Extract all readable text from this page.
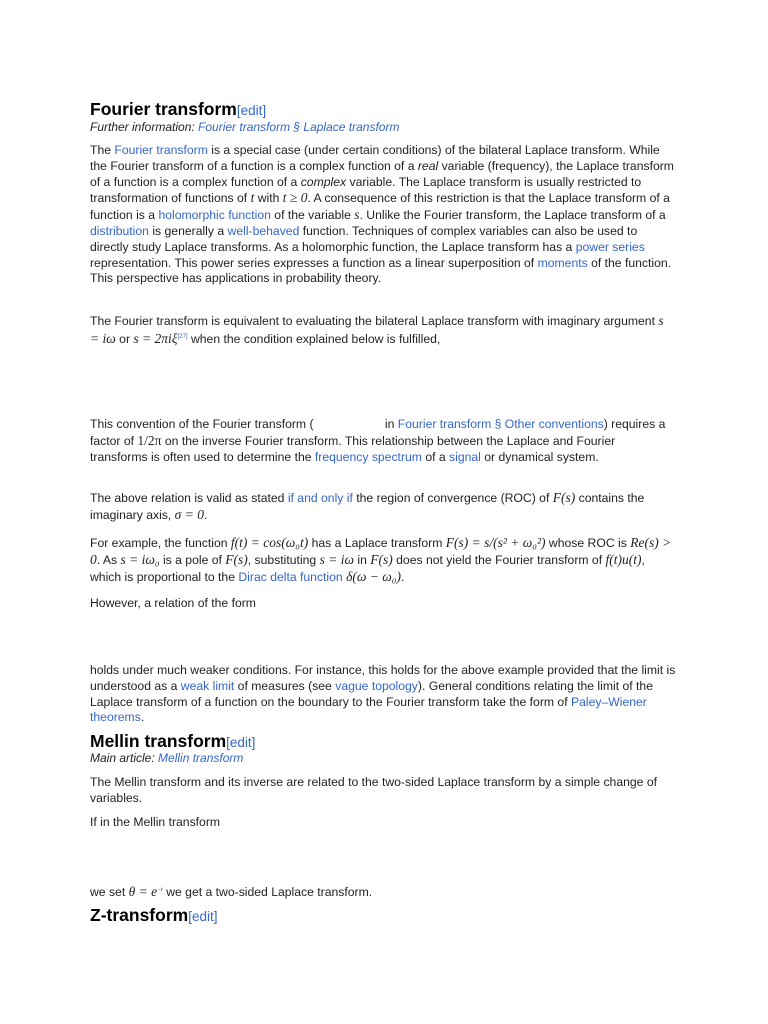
Fourier transform[edit]

Further information: Fourier transform § Laplace transform

The Fourier transform is a special case (under certain conditions) of the bilateral Laplace transform. While the Fourier transform of a function is a complex function of a real variable (frequency), the Laplace transform of a function is a complex function of a complex variable. The Laplace transform is usually restricted to transformation of functions of t with t ≥ 0. A consequence of this restriction is that the Laplace transform of a function is a holomorphic function of the variable s. Unlike the Fourier transform, the Laplace transform of a distribution is generally a well-behaved function. Techniques of complex variables can also be used to directly study Laplace transforms. As a holomorphic function, the Laplace transform has a power series representation. This power series expresses a function as a linear superposition of moments of the function. This perspective has applications in probability theory.

The Fourier transform is equivalent to evaluating the bilateral Laplace transform with imaginary argument s = iω or s = 2πiξ[27] when the condition explained below is fulfilled,

This convention of the Fourier transform (	in Fourier transform § Other conventions) requires a factor of 1/2π on the inverse Fourier transform. This relationship between the Laplace and Fourier transforms is often used to determine the frequency spectrum of a signal or dynamical system.

The above relation is valid as stated if and only if the region of convergence (ROC) of F(s) contains the imaginary axis, σ = 0.

For example, the function f(t) = cos(ω₀t) has a Laplace transform F(s) = s/(s² + ω₀²) whose ROC is Re(s) > 0. As s = iω₀ is a pole of F(s), substituting s = iω in F(s) does not yield the Fourier transform of f(t)u(t), which is proportional to the Dirac delta function δ(ω − ω₀).

However, a relation of the form

holds under much weaker conditions. For instance, this holds for the above example provided that the limit is understood as a weak limit of measures (see vague topology). General conditions relating the limit of the Laplace transform of a function on the boundary to the Fourier transform take the form of Paley–Wiener theorems.

Mellin transform[edit]

Main article: Mellin transform

The Mellin transform and its inverse are related to the two-sided Laplace transform by a simple change of variables.

If in the Mellin transform

we set $\theta = e^{-t}$ we get a two-sided Laplace transform.

Z-transform[edit]
